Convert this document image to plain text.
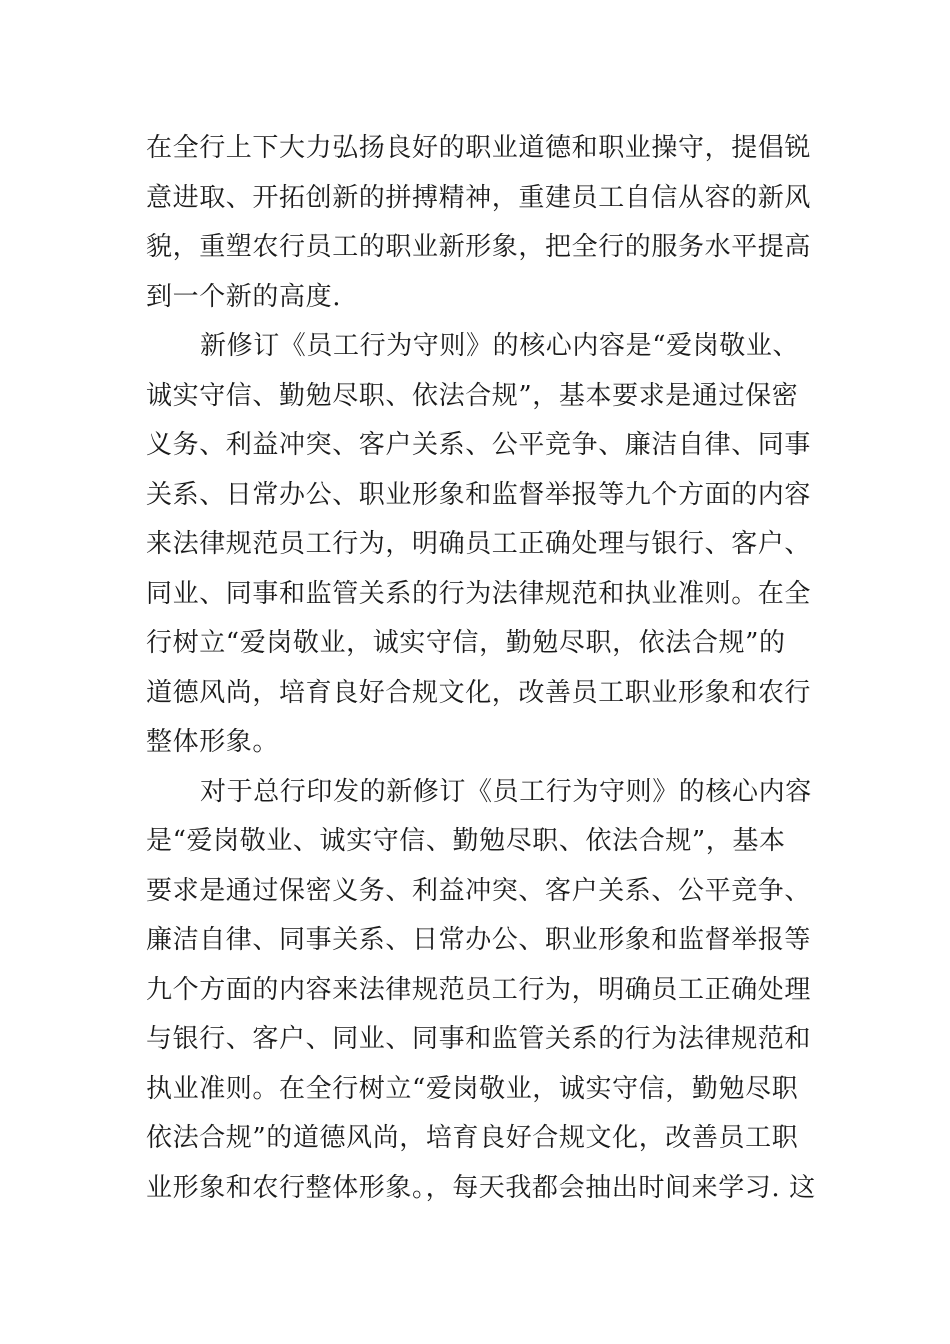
在全行上下大力弘扬良好的职业道德和职业操守，提倡锐
意进取、开拓创新的拼搏精神，重建员工自信从容的新风
貌，重塑农行员工的职业新形象，把全行的服务水平提高
到一个新的高度.
新修订《员工行为守则》的核心内容是“爱岗敬业、
诚实守信、勤勉尽职、依法合规”，基本要求是通过保密
义务、利益冲突、客户关系、公平竞争、廉洁自律、同事
关系、日常办公、职业形象和监督举报等九个方面的内容
来法律规范员工行为，明确员工正确处理与银行、客户、
同业、同事和监管关系的行为法律规范和执业准则。在全
行树立“爱岗敬业，诚实守信，勤勉尽职，依法合规”的
道德风尚，培育良好合规文化，改善员工职业形象和农行
整体形象。
对于总行印发的新修订《员工行为守则》的核心内容
是“爱岗敬业、诚实守信、勤勉尽职、依法合规”，基本
要求是通过保密义务、利益冲突、客户关系、公平竞争、
廉洁自律、同事关系、日常办公、职业形象和监督举报等
九个方面的内容来法律规范员工行为，明确员工正确处理
与银行、客户、同业、同事和监管关系的行为法律规范和
执业准则。在全行树立“爱岗敬业，诚实守信，勤勉尽职
依法合规”的道德风尚，培育良好合规文化，改善员工职
业形象和农行整体形象。，每天我都会抽出时间来学习. 这
